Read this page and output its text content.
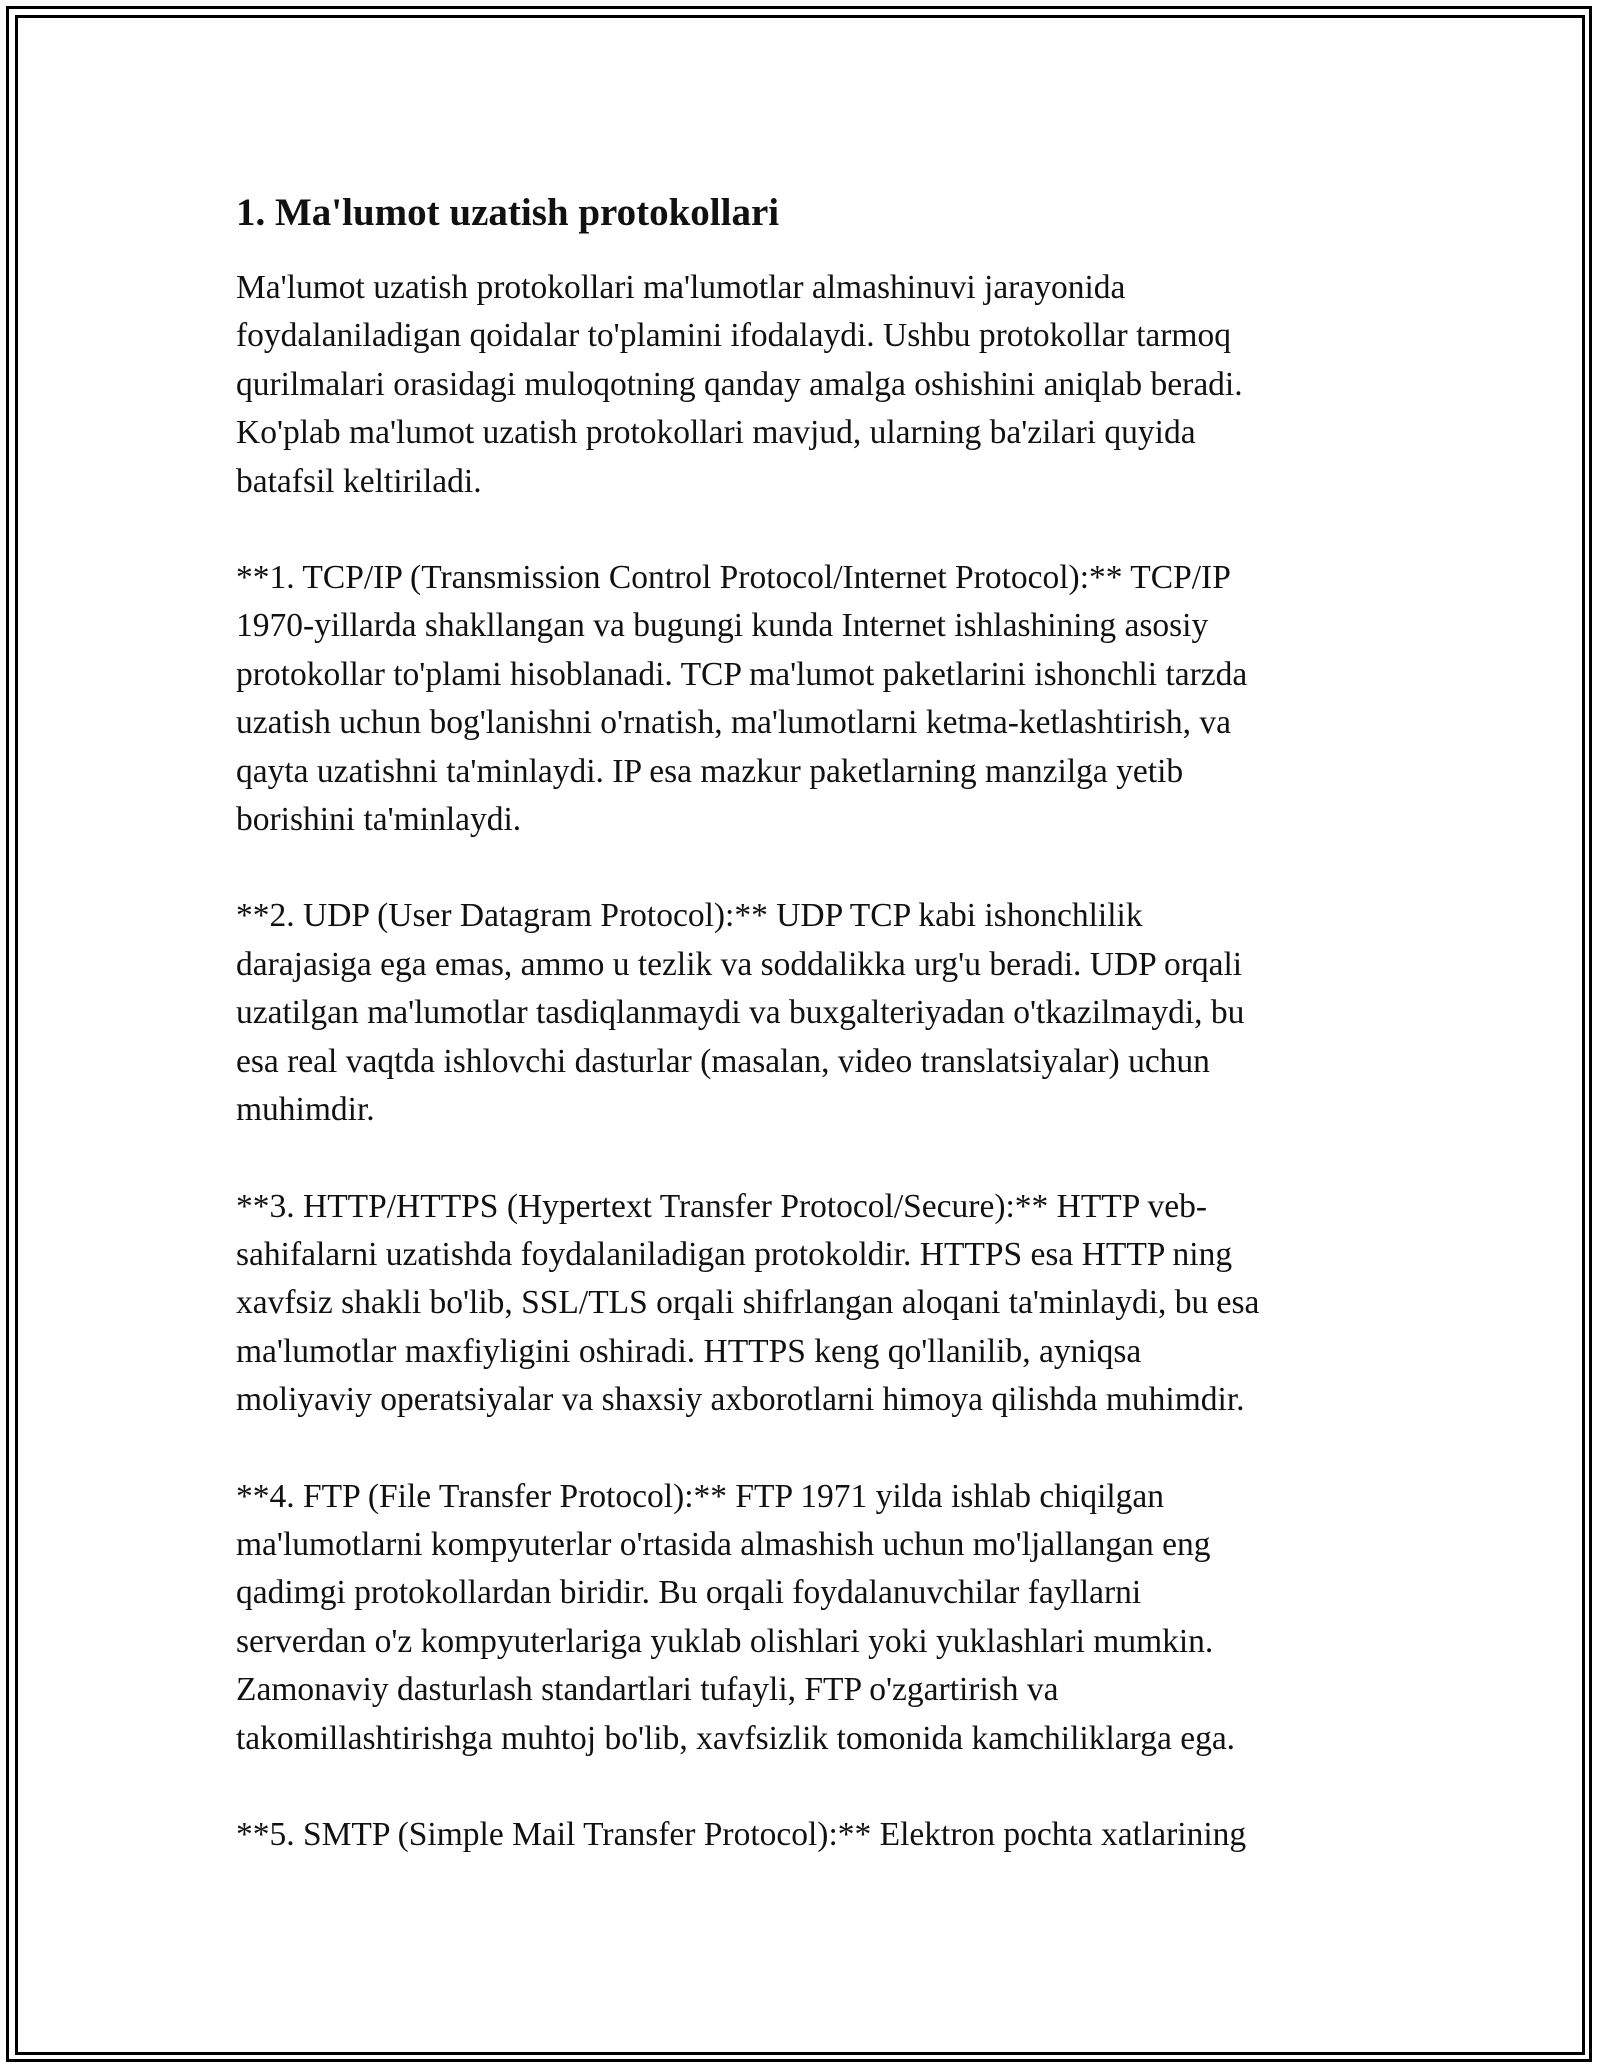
1. Ma'lumot uzatish protokollari

Ma'lumot uzatish protokollari ma'lumotlar almashinuvi jarayonida
foydalaniladigan qoidalar to'plamini ifodalaydi. Ushbu protokollar tarmoq
qurilmalari orasidagi muloqotning qanday amalga oshishini aniqlab beradi.
Ko'plab ma'lumot uzatish protokollari mavjud, ularning ba'zilari quyida
batafsil keltiriladi.

**1. TCP/IP (Transmission Control Protocol/Internet Protocol):** TCP/IP
1970-yillarda shakllangan va bugungi kunda Internet ishlashining asosiy
protokollar to'plami hisoblanadi. TCP ma'lumot paketlarini ishonchli tarzda
uzatish uchun bog'lanishni o'rnatish, ma'lumotlarni ketma-ketlashtirish, va
qayta uzatishni ta'minlaydi. IP esa mazkur paketlarning manzilga yetib
borishini ta'minlaydi.

**2. UDP (User Datagram Protocol):** UDP TCP kabi ishonchlilik
darajasiga ega emas, ammo u tezlik va soddalikka urg'u beradi. UDP orqali
uzatilgan ma'lumotlar tasdiqlanmaydi va buxgalteriyadan o'tkazilmaydi, bu
esa real vaqtda ishlovchi dasturlar (masalan, video translatsiyalar) uchun
muhimdir.

**3. HTTP/HTTPS (Hypertext Transfer Protocol/Secure):** HTTP veb-
sahifalarni uzatishda foydalaniladigan protokoldir. HTTPS esa HTTP ning
xavfsiz shakli bo'lib, SSL/TLS orqali shifrlangan aloqani ta'minlaydi, bu esa
ma'lumotlar maxfiyligini oshiradi. HTTPS keng qo'llanilib, ayniqsa
moliyaviy operatsiyalar va shaxsiy axborotlarni himoya qilishda muhimdir.

**4. FTP (File Transfer Protocol):** FTP 1971 yilda ishlab chiqilgan
ma'lumotlarni kompyuterlar o'rtasida almashish uchun mo'ljallangan eng
qadimgi protokollardan biridir. Bu orqali foydalanuvchilar fayllarni
serverdan o'z kompyuterlariga yuklab olishlari yoki yuklashlari mumkin.
Zamonaviy dasturlash standartlari tufayli, FTP o'zgartirish va
takomillashtirishga muhtoj bo'lib, xavfsizlik tomonida kamchiliklarga ega.

**5. SMTP (Simple Mail Transfer Protocol):** Elektron pochta xatlarining
